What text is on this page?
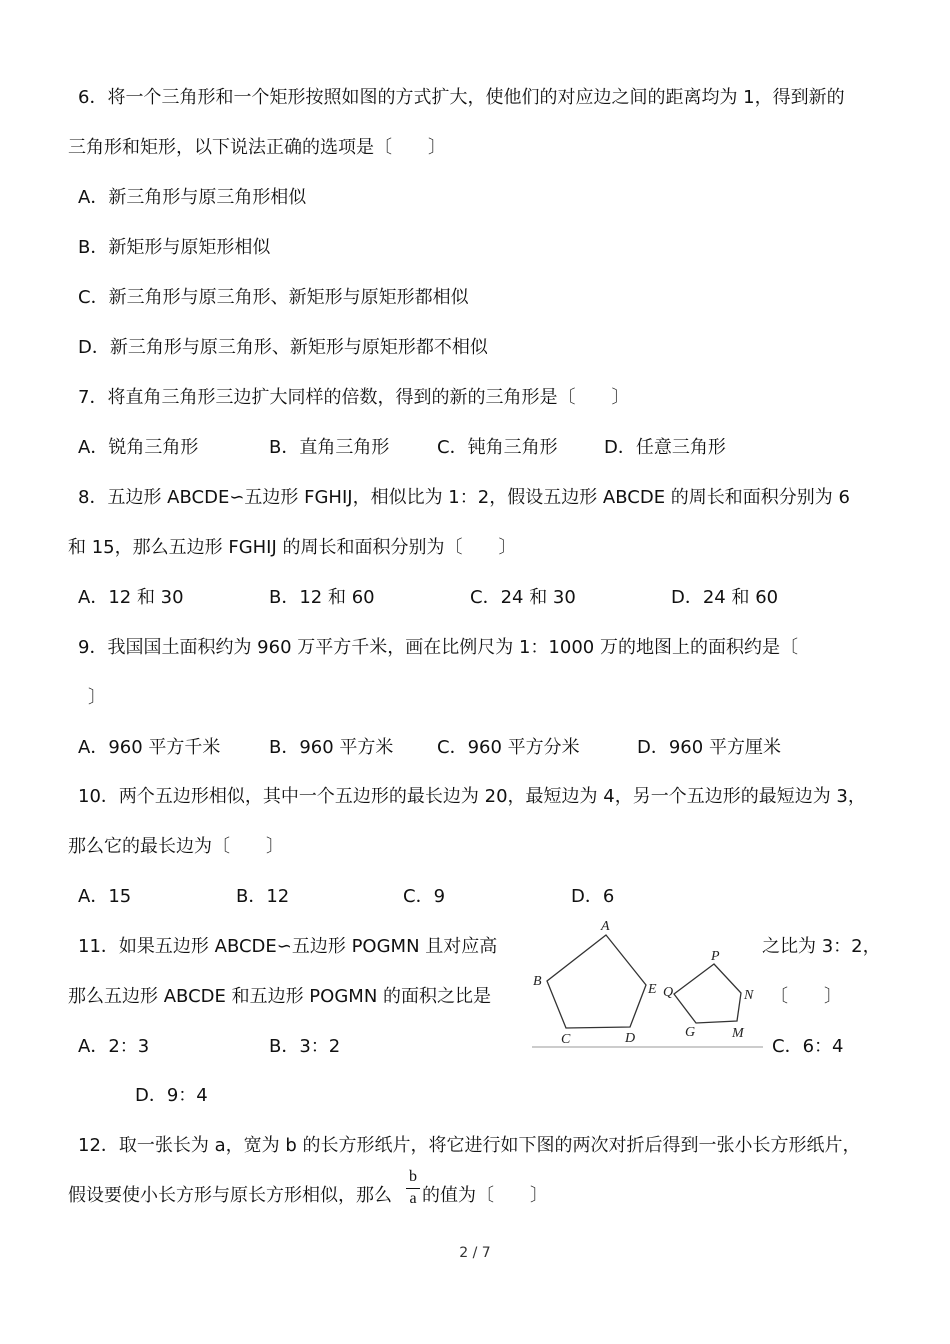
6．将一个三角形和一个矩形按照如图的方式扩大，使他们的对应边之间的距离均为 1，得到新的
三角形和矩形，以下说法正确的选项是〔　　〕
A．新三角形与原三角形相似
B．新矩形与原矩形相似
C．新三角形与原三角形、新矩形与原矩形都相似
D．新三角形与原三角形、新矩形与原矩形都不相似
7．将直角三角形三边扩大同样的倍数，得到的新的三角形是〔　　〕
A．锐角三角形	B．直角三角形	C．钝角三角形	D．任意三角形
8．五边形 ABCDE∽五边形 FGHIJ，相似比为 1：2，假设五边形 ABCDE 的周长和面积分别为 6
和 15，那么五边形 FGHIJ 的周长和面积分别为〔　　〕
A．12 和 30	B．12 和 60	C．24 和 30	D．24 和 60
9．我国国土面积约为 960 万平方千米，画在比例尺为 1：1000 万的地图上的面积约是〔
〕
A．960 平方千米	B．960 平方米 C．960 平方分米	D．960 平方厘米
10．两个五边形相似，其中一个五边形的最长边为 20，最短边为 4，另一个五边形的最短边为 3，
那么它的最长边为〔　　〕
A．15	B．12	C．9	D．6
11．如果五边形 ABCDE∽五边形 POGMN 且对应高	之比为 3：2，
那么五边形 ABCDE 和五边形 POGMN 的面积之比是	〔　　〕
A．2：3	B．3：2	C．6：4
D．9：4
A
B
C	D
E
P
Q
G	M
N
12．取一张长为 a，宽为 b 的长方形纸片，将它进行如下图的两次对折后得到一张小长方形纸片，
假设要使小长方形与原长方形相似，那么
b
a 的值为〔　　〕
2 / 7
